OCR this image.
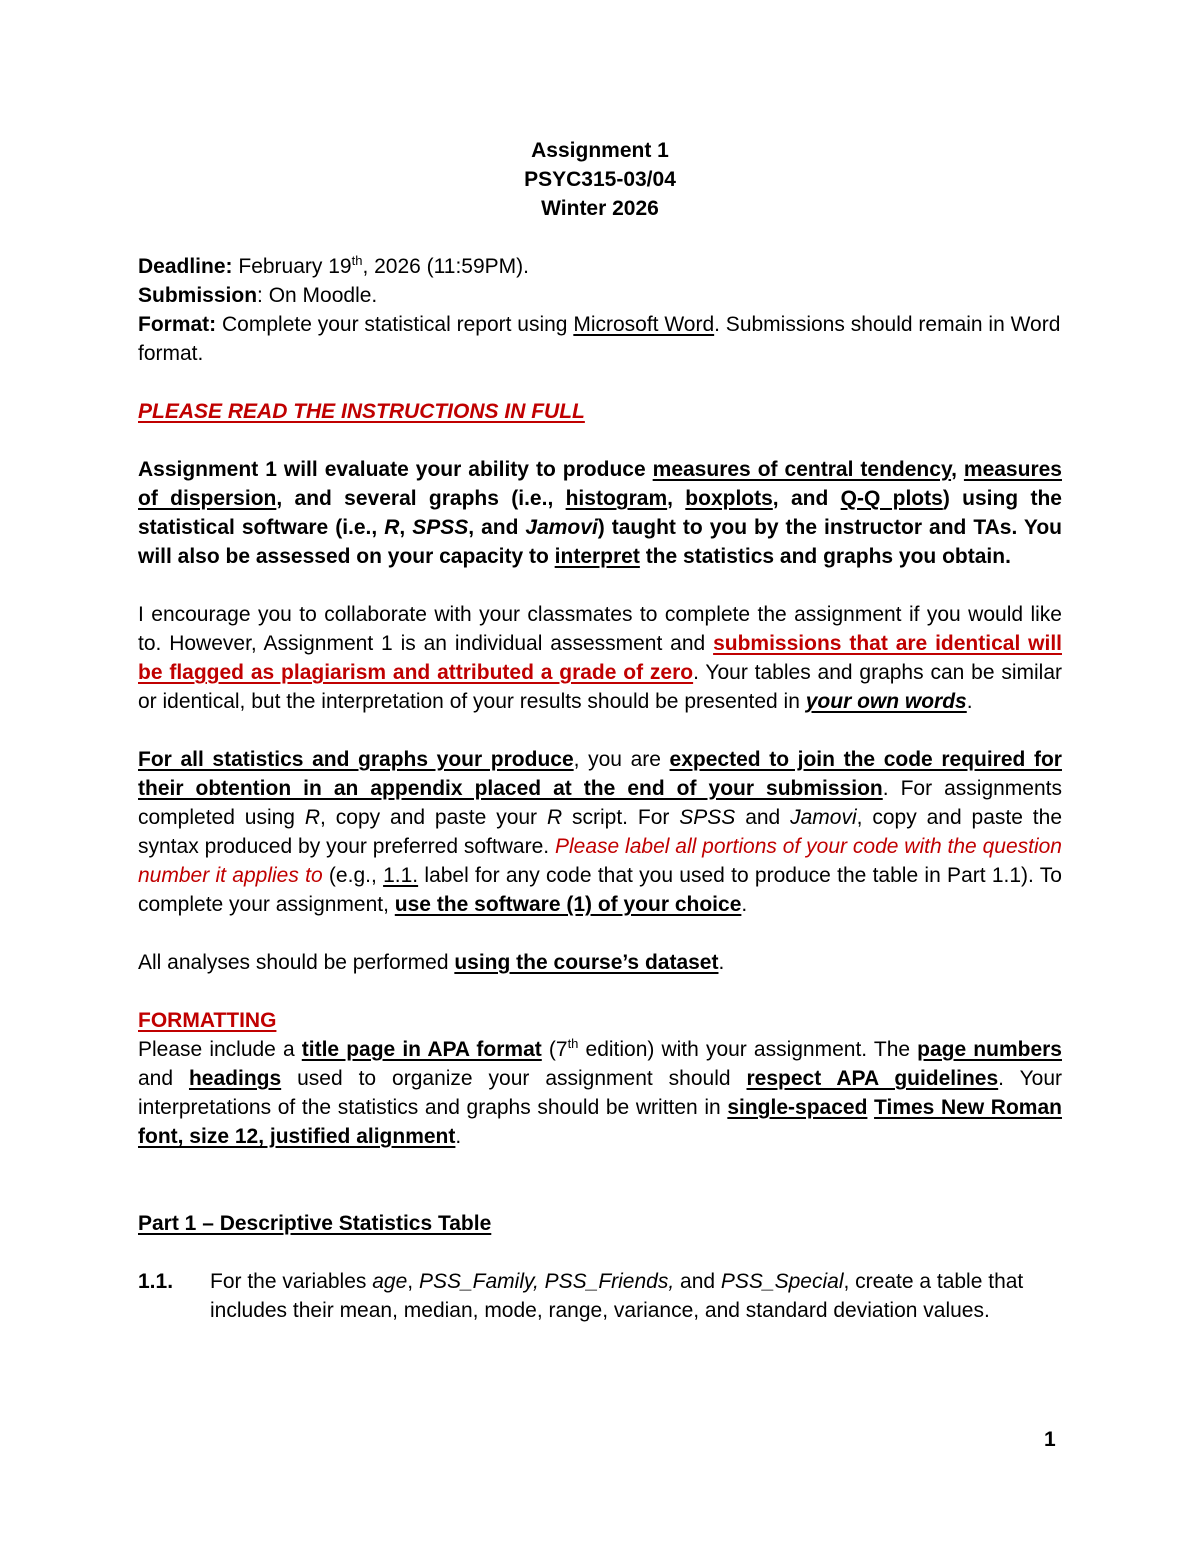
Assignment 1

PSYC315-03/04

Winter 2026

Deadline: February 19th, 2026 (11:59PM).

Submission: On Moodle.

Format: Complete your statistical report using Microsoft Word. Submissions should remain in Word format.

PLEASE READ THE INSTRUCTIONS IN FULL

Assignment 1 will evaluate your ability to produce measures of central tendency, measures of dispersion, and several graphs (i.e., histogram, boxplots, and Q-Q plots) using the statistical software (i.e., R, SPSS, and Jamovi) taught to you by the instructor and TAs. You will also be assessed on your capacity to interpret the statistics and graphs you obtain.

I encourage you to collaborate with your classmates to complete the assignment if you would like to. However, Assignment 1 is an individual assessment and submissions that are identical will be flagged as plagiarism and attributed a grade of zero. Your tables and graphs can be similar or identical, but the interpretation of your results should be presented in your own words.

For all statistics and graphs your produce, you are expected to join the code required for their obtention in an appendix placed at the end of your submission. For assignments completed using R, copy and paste your R script. For SPSS and Jamovi, copy and paste the syntax produced by your preferred software. Please label all portions of your code with the question number it applies to (e.g., 1.1. label for any code that you used to produce the table in Part 1.1). To complete your assignment, use the software (1) of your choice.

All analyses should be performed using the course’s dataset.

FORMATTING

Please include a title page in APA format (7th edition) with your assignment. The page numbers and headings used to organize your assignment should respect APA guidelines. Your interpretations of the statistics and graphs should be written in single-spaced Times New Roman font, size 12, justified alignment.

Part 1 – Descriptive Statistics Table

1.1.	For the variables age, PSS_Family, PSS_Friends, and PSS_Special, create a table that includes their mean, median, mode, range, variance, and standard deviation values.
1
